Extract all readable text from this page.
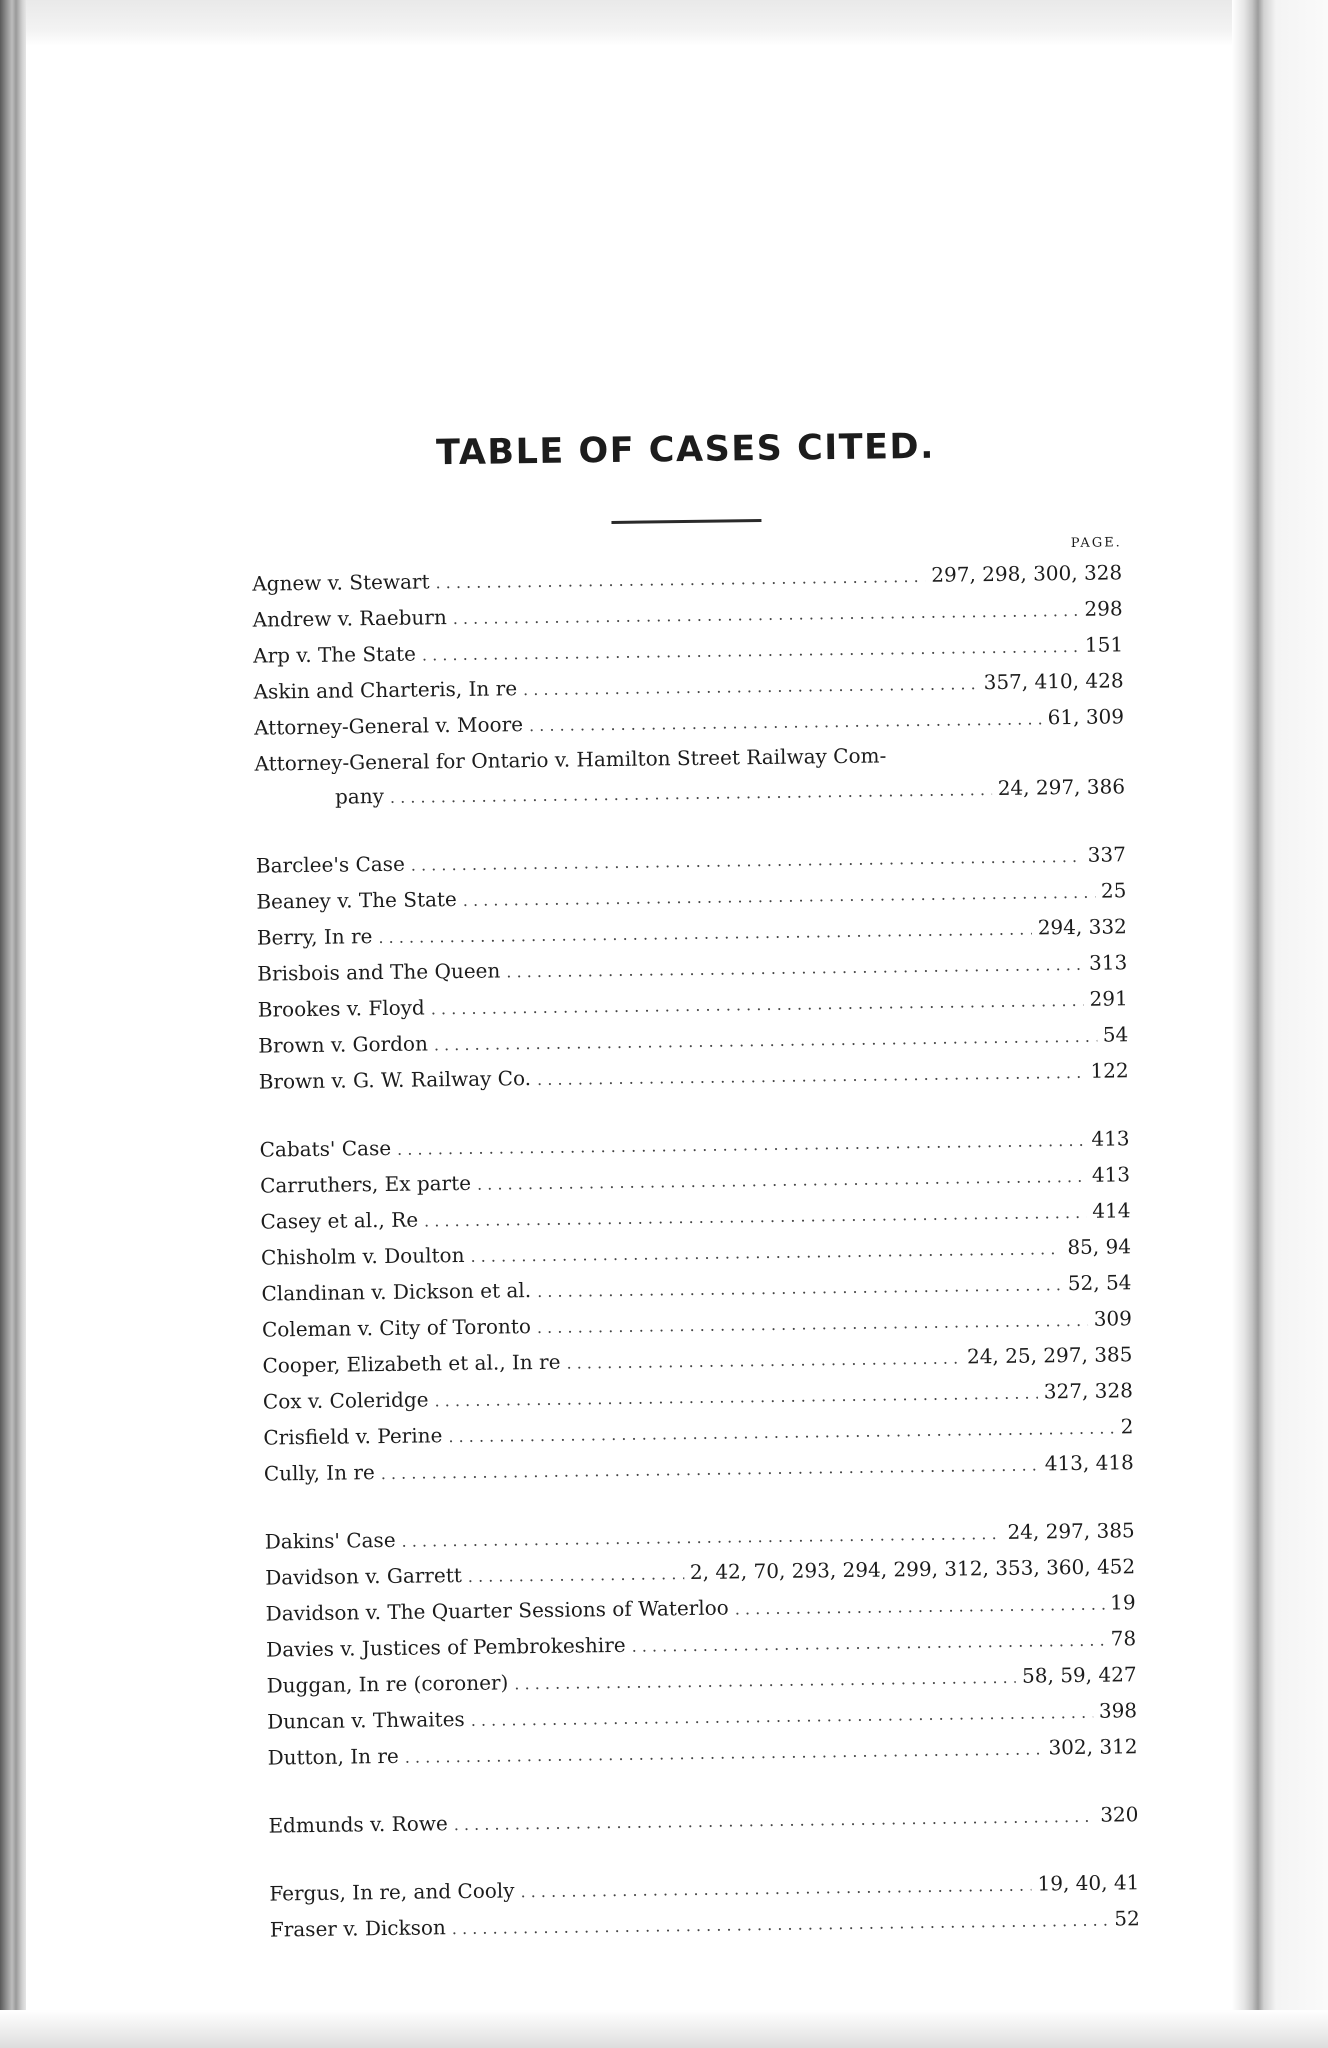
TABLE OF CASES CITED.
PAGE.
Agnew v. Stewart . . .	297, 298, 300, 328
Andrew v. Raeburn . . .	298
Arp v. The State . . .	151
Askin and Charteris, In re . . .	357, 410, 428
Attorney-General v. Moore . . .	61, 309
Attorney-General for Ontario v. Hamilton Street Railway Com-
pany . . .	24, 297, 386
Barclee's Case . . .	337
Beaney v. The State . . .	25
Berry, In re . . .	294, 332
Brisbois and The Queen . . .	313
Brookes v. Floyd . . .	291
Brown v. Gordon . . .	54
Brown v. G. W. Railway Co. . . .	122
Cabats' Case . . .	413
Carruthers, Ex parte . . .	413
Casey et al., Re . . .	414
Chisholm v. Doulton . . .	85, 94
Clandinan v. Dickson et al. . . .	52, 54
Coleman v. City of Toronto . . .	309
Cooper, Elizabeth et al., In re . . .	24, 25, 297, 385
Cox v. Coleridge . . .	327, 328
Crisfield v. Perine . . .	2
Cully, In re . . .	413, 418
Dakins' Case . . .	24, 297, 385
Davidson v. Garrett . . .	2, 42, 70, 293, 294, 299, 312, 353, 360, 452
Davidson v. The Quarter Sessions of Waterloo . . .	19
Davies v. Justices of Pembrokeshire . . .	78
Duggan, In re (coroner) . . .	58, 59, 427
Duncan v. Thwaites . . .	398
Dutton, In re . . .	302, 312
Edmunds v. Rowe . . .	320
Fergus, In re, and Cooly . . .	19, 40, 41
Fraser v. Dickson . . .	52
